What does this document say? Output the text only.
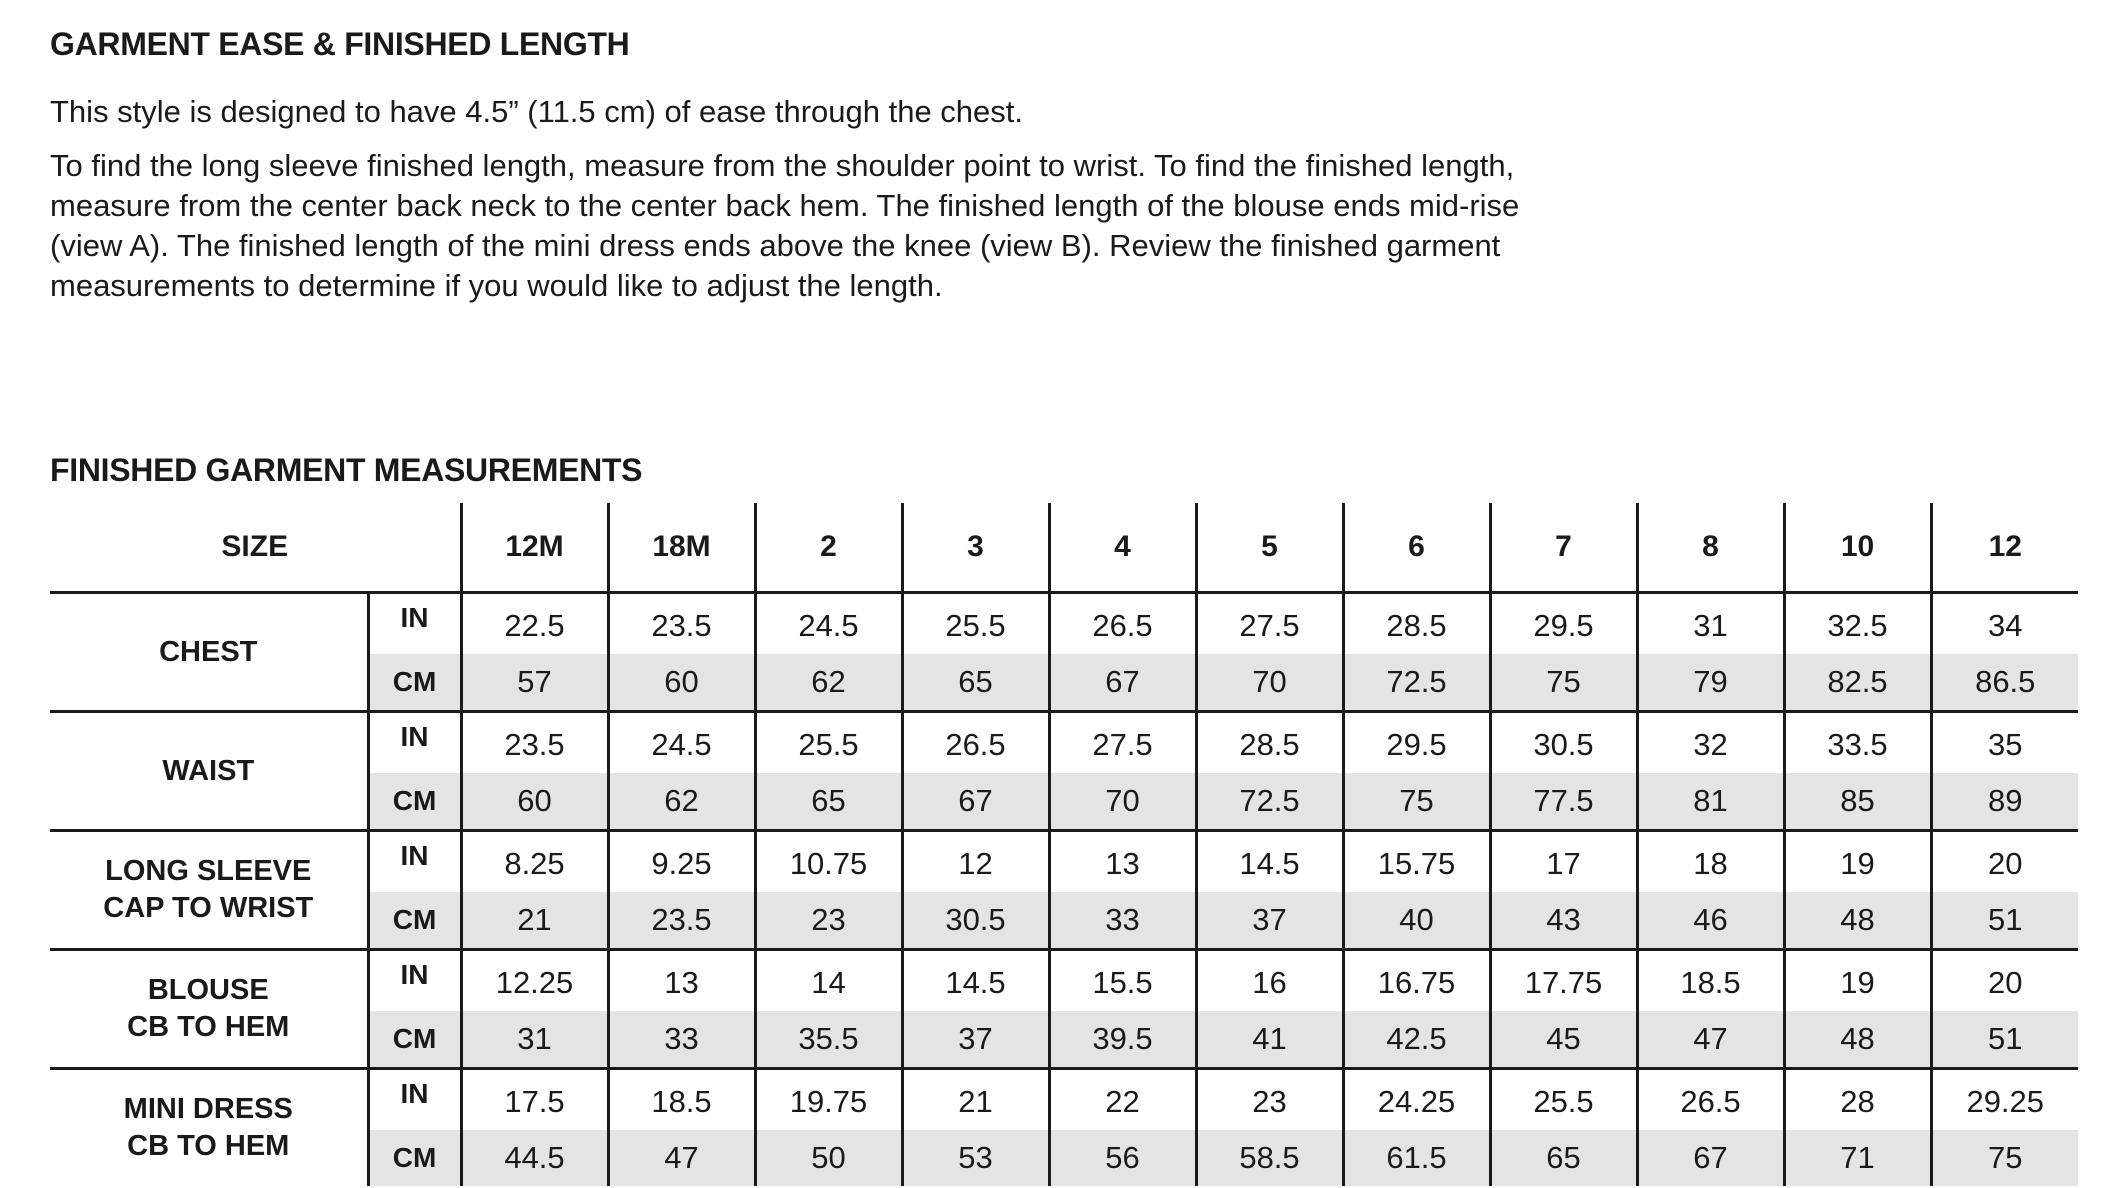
GARMENT EASE & FINISHED LENGTH

This style is designed to have 4.5” (11.5 cm) of ease through the chest.

To find the long sleeve finished length, measure from the shoulder point to wrist. To find the finished length, measure from the center back neck to the center back hem. The finished length of the blouse ends mid-rise (view A). The finished length of the mini dress ends above the knee (view B). Review the finished garment measurements to determine if you would like to adjust the length.

FINISHED GARMENT MEASUREMENTS
SIZE		12M	18M	2	3	4	5	6	7	8	10	12

CHEST	IN	22.5	23.5	24.5	25.5	26.5	27.5	28.5	29.5	31	32.5	34
	CM	57	60	62	65	67	70	72.5	75	79	82.5	86.5

WAIST	IN	23.5	24.5	25.5	26.5	27.5	28.5	29.5	30.5	32	33.5	35
	CM	60	62	65	67	70	72.5	75	77.5	81	85	89

LONG SLEEVE
CAP TO WRIST	IN	8.25	9.25	10.75	12	13	14.5	15.75	17	18	19	20
	CM	21	23.5	23	30.5	33	37	40	43	46	48	51

BLOUSE
CB TO HEM	IN	12.25	13	14	14.5	15.5	16	16.75	17.75	18.5	19	20
	CM	31	33	35.5	37	39.5	41	42.5	45	47	48	51

MINI DRESS
CB TO HEM	IN	17.5	18.5	19.75	21	22	23	24.25	25.5	26.5	28	29.25
	CM	44.5	47	50	53	56	58.5	61.5	65	67	71	75
